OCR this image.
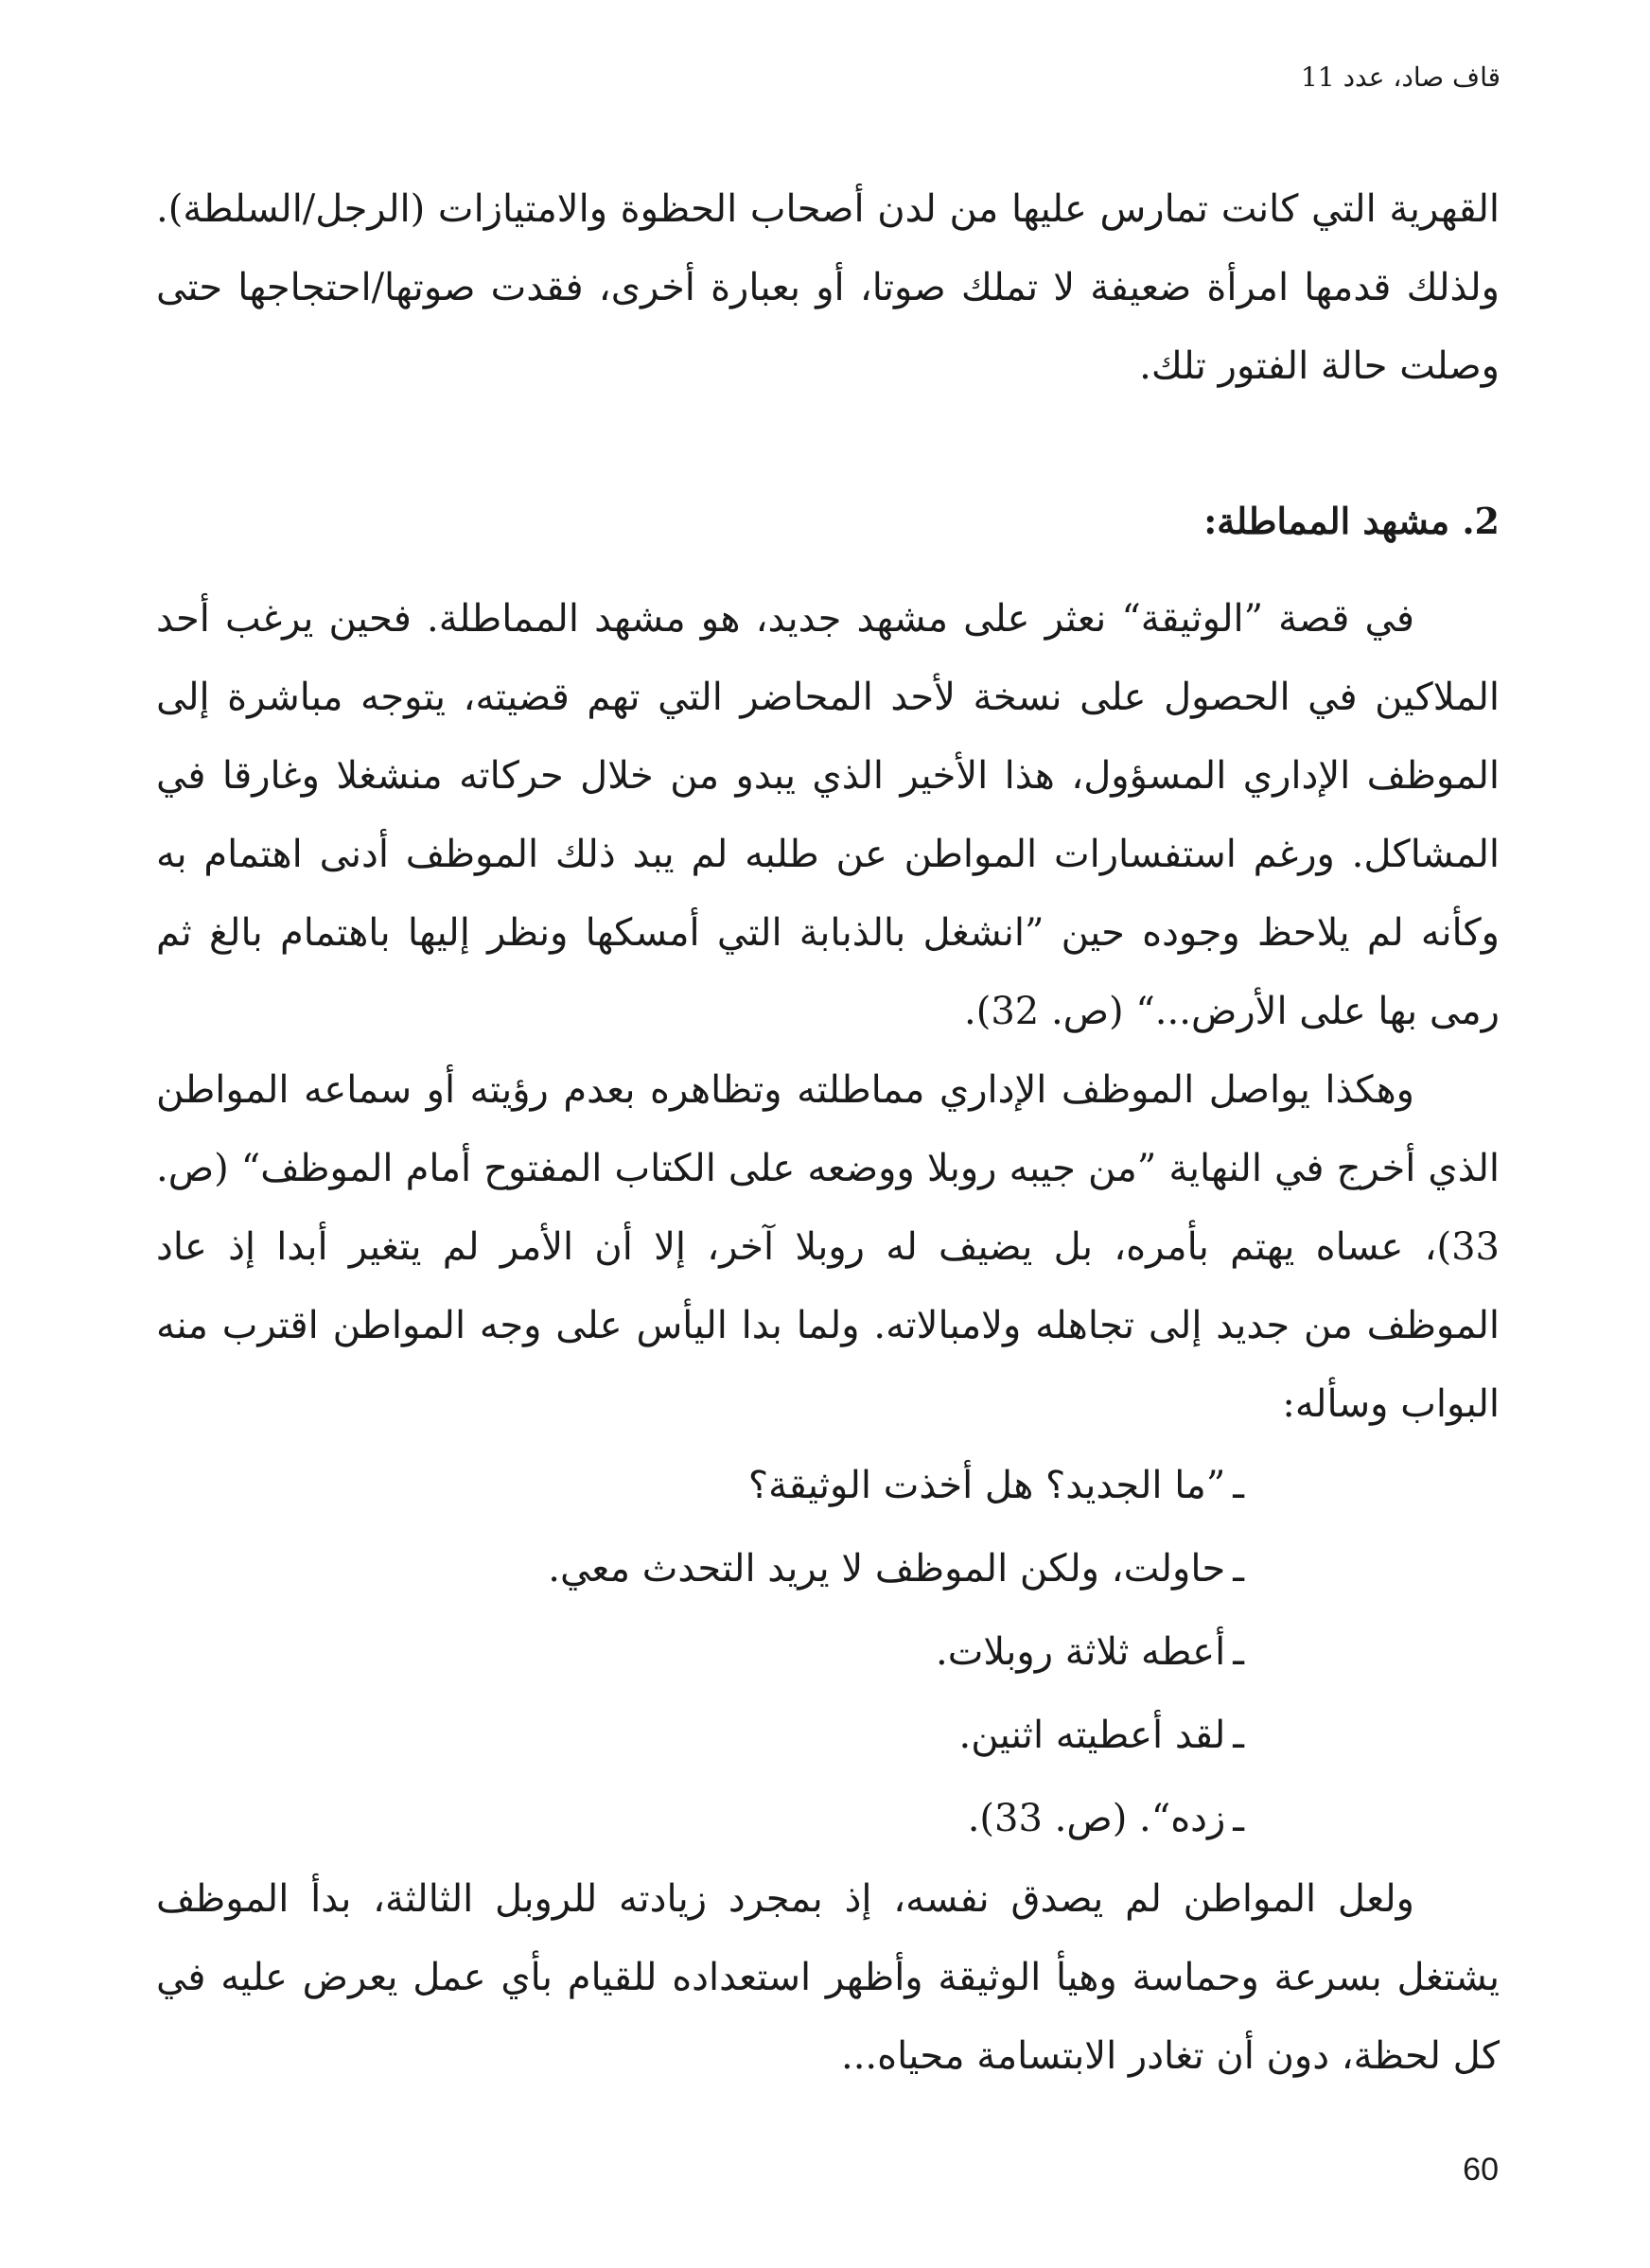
قاف صاد، عدد 11

القهرية التي كانت تمارس عليها من لدن أصحاب الحظوة والامتيازات (الرجل/السلطة). ولذلك قدمها امرأة ضعيفة لا تملك صوتا، أو بعبارة أخرى، فقدت صوتها/احتجاجها حتى وصلت حالة الفتور تلك.

2. مشهد المماطلة:

في قصة ”الوثيقة“ نعثر على مشهد جديد، هو مشهد المماطلة. فحين يرغب أحد الملاكين في الحصول على نسخة لأحد المحاضر التي تهم قضيته، يتوجه مباشرة إلى الموظف الإداري المسؤول، هذا الأخير الذي يبدو من خلال حركاته منشغلا وغارقا في المشاكل. ورغم استفسارات المواطن عن طلبه لم يبد ذلك الموظف أدنى اهتمام به وكأنه لم يلاحظ وجوده حين ”انشغل بالذبابة التي أمسكها ونظر إليها باهتمام بالغ ثم رمى بها على الأرض...“ (ص. 32).

وهكذا يواصل الموظف الإداري مماطلته وتظاهره بعدم رؤيته أو سماعه المواطن الذي أخرج في النهاية ”من جيبه روبلا ووضعه على الكتاب المفتوح أمام الموظف“ (ص. 33)، عساه يهتم بأمره، بل يضيف له روبلا آخر، إلا أن الأمر لم يتغير أبدا إذ عاد الموظف من جديد إلى تجاهله ولامبالاته. ولما بدا اليأس على وجه المواطن اقترب منه البواب وسأله:

ـ”ما الجديد؟ هل أخذت الوثيقة؟
ـحاولت، ولكن الموظف لا يريد التحدث معي.
ـأعطه ثلاثة روبلات.
ـلقد أعطيته اثنين.
ـزده“. (ص. 33).

ولعل المواطن لم يصدق نفسه، إذ بمجرد زيادته للروبل الثالثة، بدأ الموظف يشتغل بسرعة وحماسة وهيأ الوثيقة وأظهر استعداده للقيام بأي عمل يعرض عليه في كل لحظة، دون أن تغادر الابتسامة محياه...

60
